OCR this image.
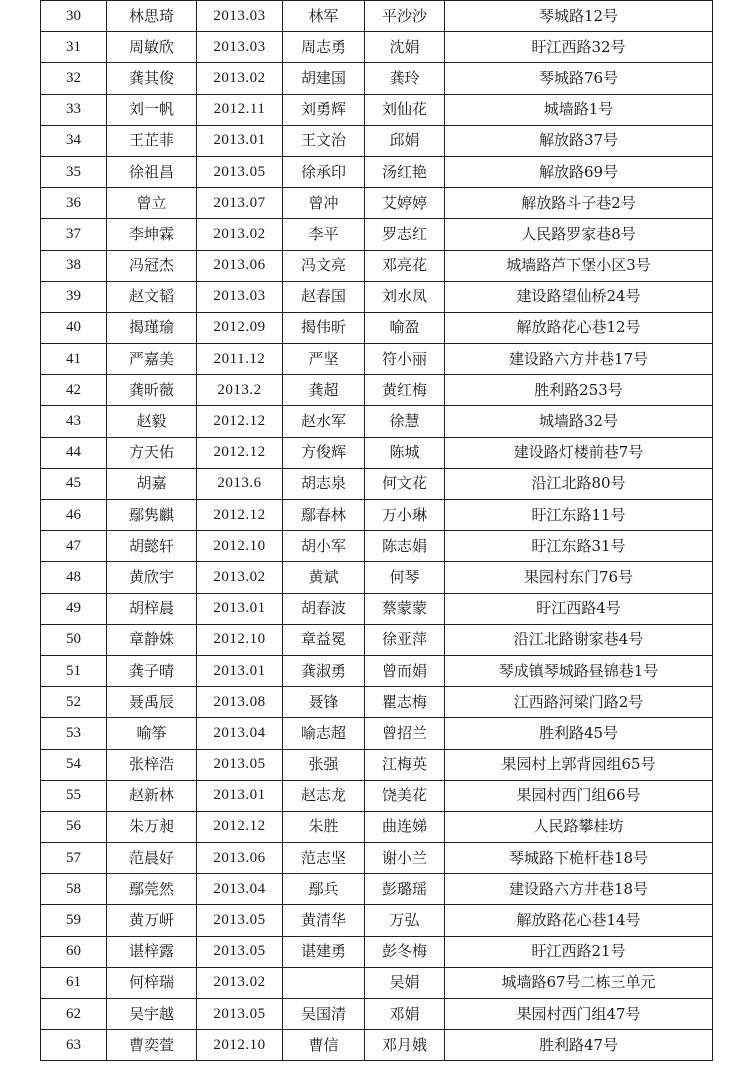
30	林思琦	2013.03	林军	平沙沙	琴城路12号
31	周敏欣	2013.03	周志勇	沈娟	盱江西路32号
32	龚其俊	2013.02	胡建国	龚玲	琴城路76号
33	刘一帆	2012.11	刘勇辉	刘仙花	城墙路1号
34	王芷菲	2013.01	王文治	邱娟	解放路37号
35	徐祖昌	2013.05	徐承印	汤红艳	解放路69号
36	曾立	2013.07	曾冲	艾婷婷	解放路斗子巷2号
37	李坤霖	2013.02	李平	罗志红	人民路罗家巷8号
38	冯冠杰	2013.06	冯文亮	邓亮花	城墙路芦下堡小区3号
39	赵文韬	2013.03	赵春国	刘水凤	建设路望仙桥24号
40	揭瑾瑜	2012.09	揭伟昕	喻盈	解放路花心巷12号
41	严嘉美	2011.12	严坚	符小丽	建设路六方井巷17号
42	龚昕薇	2013.2	龚超	黄红梅	胜利路253号
43	赵毅	2012.12	赵水军	徐慧	城墙路32号
44	方天佑	2012.12	方俊辉	陈城	建设路灯楼前巷7号
45	胡嘉	2013.6	胡志泉	何文花	沿江北路80号
46	鄢隽麒	2012.12	鄢春林	万小琳	盱江东路11号
47	胡懿轩	2012.10	胡小军	陈志娟	盱江东路31号
48	黄欣宇	2013.02	黄斌	何琴	果园村东门76号
49	胡梓晨	2013.01	胡春波	蔡蒙蒙	盱江西路4号
50	章静姝	2012.10	章益冕	徐亚萍	沿江北路谢家巷4号
51	龚子晴	2013.01	龚淑勇	曾而娟	琴成镇琴城路昼锦巷1号
52	聂禹辰	2013.08	聂锋	瞿志梅	江西路河梁门路2号
53	喻筝	2013.04	喻志超	曾招兰	胜利路45号
54	张梓浩	2013.05	张强	江梅英	果园村上郭背园组65号
55	赵新林	2013.01	赵志龙	饶美花	果园村西门组66号
56	朱万昶	2012.12	朱胜	曲连娣	人民路攀桂坊
57	范晨好	2013.06	范志坚	谢小兰	琴城路下桅杆巷18号
58	鄢莞然	2013.04	鄢兵	彭璐瑶	建设路六方井巷18号
59	黄万岍	2013.05	黄清华	万弘	解放路花心巷14号
60	谌梓露	2013.05	谌建勇	彭冬梅	盱江西路21号
61	何梓瑞	2013.02		吴娟	城墙路67号二栋三单元
62	吴宇越	2013.05	吴国清	邓娟	果园村西门组47号
63	曹奕萱	2012.10	曹信	邓月娥	胜利路47号
